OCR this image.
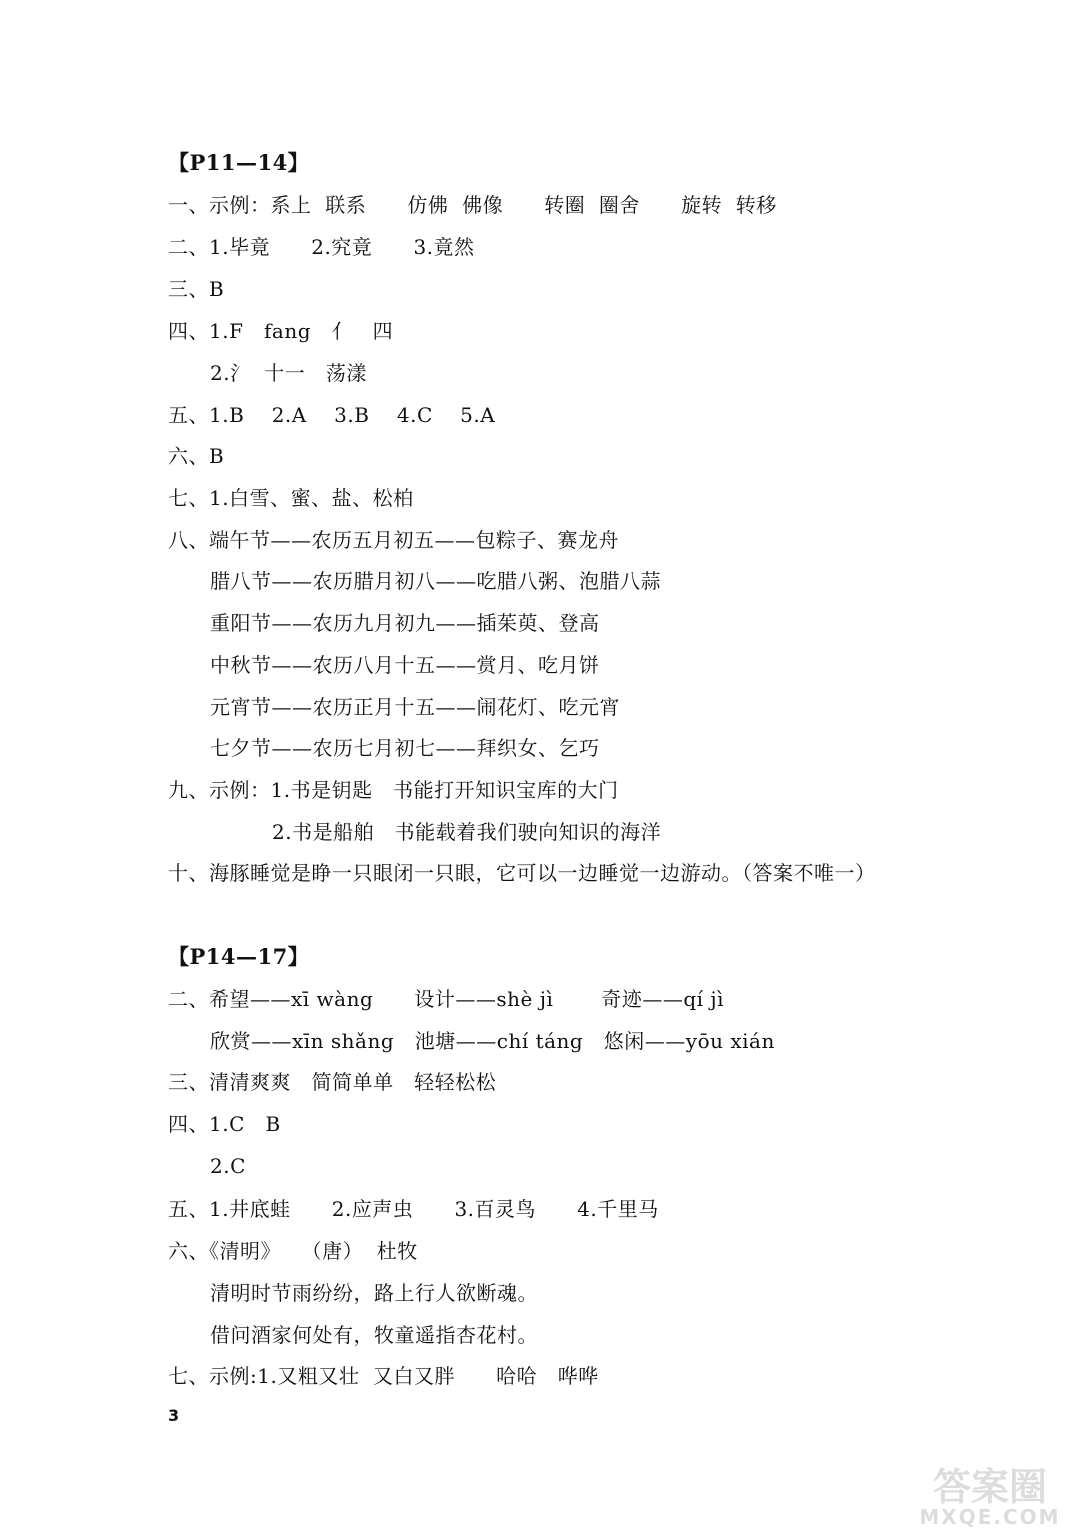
【P11—14】
一、示例：系上  联系      仿佛  佛像      转圈  圈舍      旋转  转移
二、1.毕竟      2.究竟      3.竟然
三、B
四、1.F   fang   亻   四
2.氵  十一   荡漾
五、1.B    2.A    3.B    4.C    5.A
六、B
七、1.白雪、蜜、盐、松柏
八、端午节——农历五月初五——包粽子、赛龙舟
腊八节——农历腊月初八——吃腊八粥、泡腊八蒜
重阳节——农历九月初九——插茱萸、登高
中秋节——农历八月十五——赏月、吃月饼
元宵节——农历正月十五——闹花灯、吃元宵
七夕节——农历七月初七——拜织女、乞巧
九、示例：1.书是钥匙   书能打开知识宝库的大门
2.书是船舶   书能载着我们驶向知识的海洋
十、海豚睡觉是睁一只眼闭一只眼，它可以一边睡觉一边游动。（答案不唯一）
【P14—17】
二、希望——xī wàng      设计——shè jì       奇迹——qí jì
欣赏——xīn shǎng   池塘——chí táng   悠闲——yōu xián
三、清清爽爽   简简单单   轻轻松松
四、1.C   B
2.C
五、1.井底蛙      2.应声虫      3.百灵鸟      4.千里马
六、《清明》   （唐）  杜牧
清明时节雨纷纷，路上行人欲断魂。
借问酒家何处有，牧童遥指杏花村。
七、示例:1.又粗又壮  又白又胖      哈哈   哗哗
3
答案圈
MXQE.COM
